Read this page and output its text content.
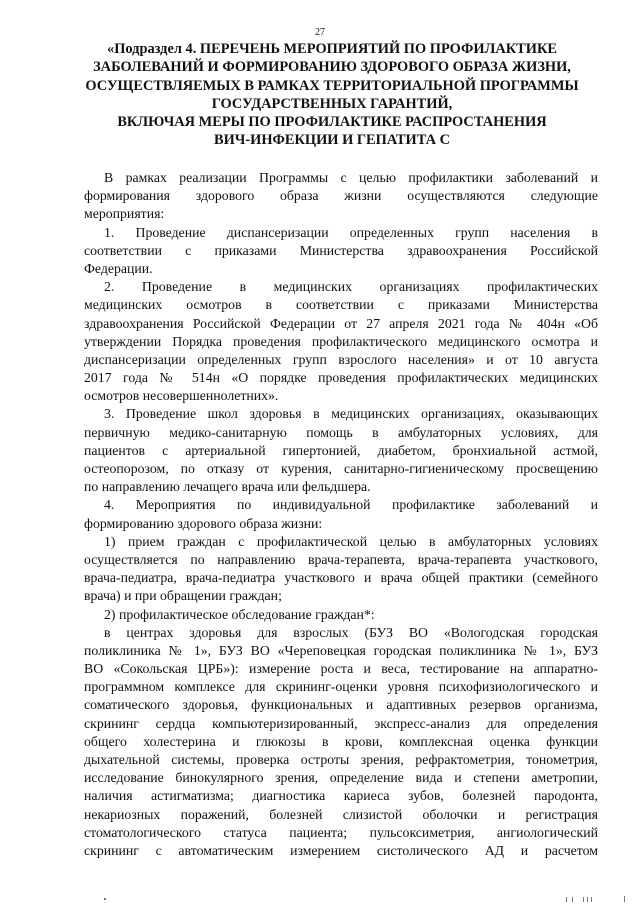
27
«Подраздел 4. ПЕРЕЧЕНЬ МЕРОПРИЯТИЙ ПО ПРОФИЛАКТИКЕ
ЗАБОЛЕВАНИЙ И ФОРМИРОВАНИЮ ЗДОРОВОГО ОБРАЗА ЖИЗНИ,
ОСУЩЕСТВЛЯЕМЫХ В РАМКАХ ТЕРРИТОРИАЛЬНОЙ ПРОГРАММЫ
ГОСУДАРСТВЕННЫХ ГАРАНТИЙ,
ВКЛЮЧАЯ МЕРЫ ПО ПРОФИЛАКТИКЕ РАСПРОСТАНЕНИЯ
ВИЧ-ИНФЕКЦИИ И ГЕПАТИТА С
В рамках реализации Программы с целью профилактики заболеваний и
формирования здорового образа жизни осуществляются следующие
мероприятия:
1. Проведение диспансеризации определенных групп населения в
соответствии с приказами Министерства здравоохранения Российской
Федерации.
2. Проведение в медицинских организациях профилактических
медицинских осмотров в соответствии с приказами Министерства
здравоохранения Российской Федерации от 27 апреля 2021 года № 404н «Об
утверждении Порядка проведения профилактического медицинского осмотра и
диспансеризации определенных групп взрослого населения» и от 10 августа
2017 года № 514н «О порядке проведения профилактических медицинских
осмотров несовершеннолетних».
3. Проведение школ здоровья в медицинских организациях, оказывающих
первичную медико-санитарную помощь в амбулаторных условиях, для
пациентов с артериальной гипертонией, диабетом, бронхиальной астмой,
остеопорозом, по отказу от курения, санитарно-гигиеническому просвещению
по направлению лечащего врача или фельдшера.
4. Мероприятия по индивидуальной профилактике заболеваний и
формированию здорового образа жизни:
1) прием граждан с профилактической целью в амбулаторных условиях
осуществляется по направлению врача-терапевта, врача-терапевта участкового,
врача-педиатра, врача-педиатра участкового и врача общей практики (семейного
врача) и при обращении граждан;
2) профилактическое обследование граждан*:
в центрах здоровья для взрослых (БУЗ ВО «Вологодская городская
поликлиника № 1», БУЗ ВО «Череповецкая городская поликлиника № 1», БУЗ
ВО «Сокольская ЦРБ»): измерение роста и веса, тестирование на аппаратно-
программном комплексе для скрининг-оценки уровня психофизиологического и
соматического здоровья, функциональных и адаптивных резервов организма,
скрининг сердца компьютеризированный, экспресс-анализ для определения
общего холестерина и глюкозы в крови, комплексная оценка функции
дыхательной системы, проверка остроты зрения, рефрактометрия, тонометрия,
исследование бинокулярного зрения, определение вида и степени аметропии,
наличия астигматизма; диагностика кариеса зубов, болезней пародонта,
некариозных поражений, болезней слизистой оболочки и регистрация
стоматологического статуса пациента; пульсоксиметрия, ангиологический
скрининг с автоматическим измерением систолического АД и расчетом
